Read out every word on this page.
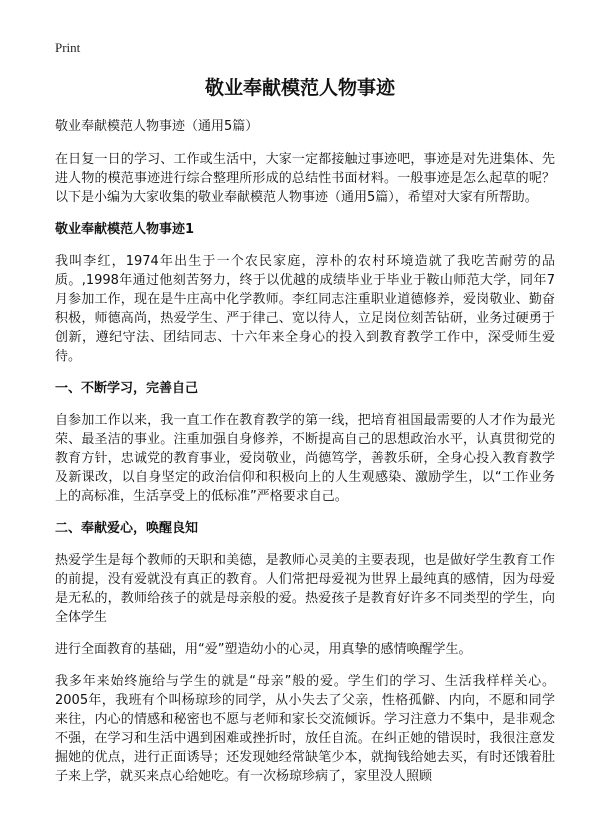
Print
敬业奉献模范人物事迹

敬业奉献模范人物事迹（通用5篇）

在日复一日的学习、工作或生活中，大家一定都接触过事迹吧，事迹是对先进集体、先进人物的模范事迹进行综合整理所形成的总结性书面材料。一般事迹是怎么起草的呢？以下是小编为大家收集的敬业奉献模范人物事迹（通用5篇），希望对大家有所帮助。

敬业奉献模范人物事迹1

我叫李红，1974年出生于一个农民家庭，淳朴的农村环境造就了我吃苦耐劳的品质。,1998年通过他刻苦努力，终于以优越的成绩毕业于毕业于鞍山师范大学，同年7月参加工作，现在是牛庄高中化学教师。李红同志注重职业道德修养，爱岗敬业、勤奋积极，师德高尚，热爱学生、严于律己、宽以待人，立足岗位刻苦钻研，业务过硬勇于创新，遵纪守法、团结同志、十六年来全身心的投入到教育教学工作中，深受师生爱待。

一、不断学习，完善自己

自参加工作以来，我一直工作在教育教学的第一线，把培育祖国最需要的人才作为最光荣、最圣洁的事业。注重加强自身修养，不断提高自己的思想政治水平，认真贯彻党的教育方针，忠诚党的教育事业，爱岗敬业，尚德笃学，善教乐研，全身心投入教育教学及新课改，以自身坚定的政治信仰和积极向上的人生观感染、激励学生，以“工作业务上的高标准，生活享受上的低标准”严格要求自己。

二、奉献爱心，唤醒良知

热爱学生是每个教师的天职和美德，是教师心灵美的主要表现，也是做好学生教育工作的前提，没有爱就没有真正的教育。人们常把母爱视为世界上最纯真的感情，因为母爱是无私的，教师给孩子的就是母亲般的爱。热爱孩子是教育好许多不同类型的学生，向全体学生

进行全面教育的基础，用“爱”塑造幼小的心灵，用真挚的感情唤醒学生。

我多年来始终施给与学生的就是“母亲”般的爱。学生们的学习、生活我样样关心。2005年，我班有个叫杨琼珍的同学，从小失去了父亲，性格孤僻、内向，不愿和同学来往，内心的情感和秘密也不愿与老师和家长交流倾诉。学习注意力不集中，是非观念不强，在学习和生活中遇到困难或挫折时，放任自流。在纠正她的错误时，我很注意发掘她的优点，进行正面诱导；还发现她经常缺笔少本，就掏钱给她去买，有时还饿着肚子来上学，就买来点心给她吃。有一次杨琼珍病了，家里没人照顾
